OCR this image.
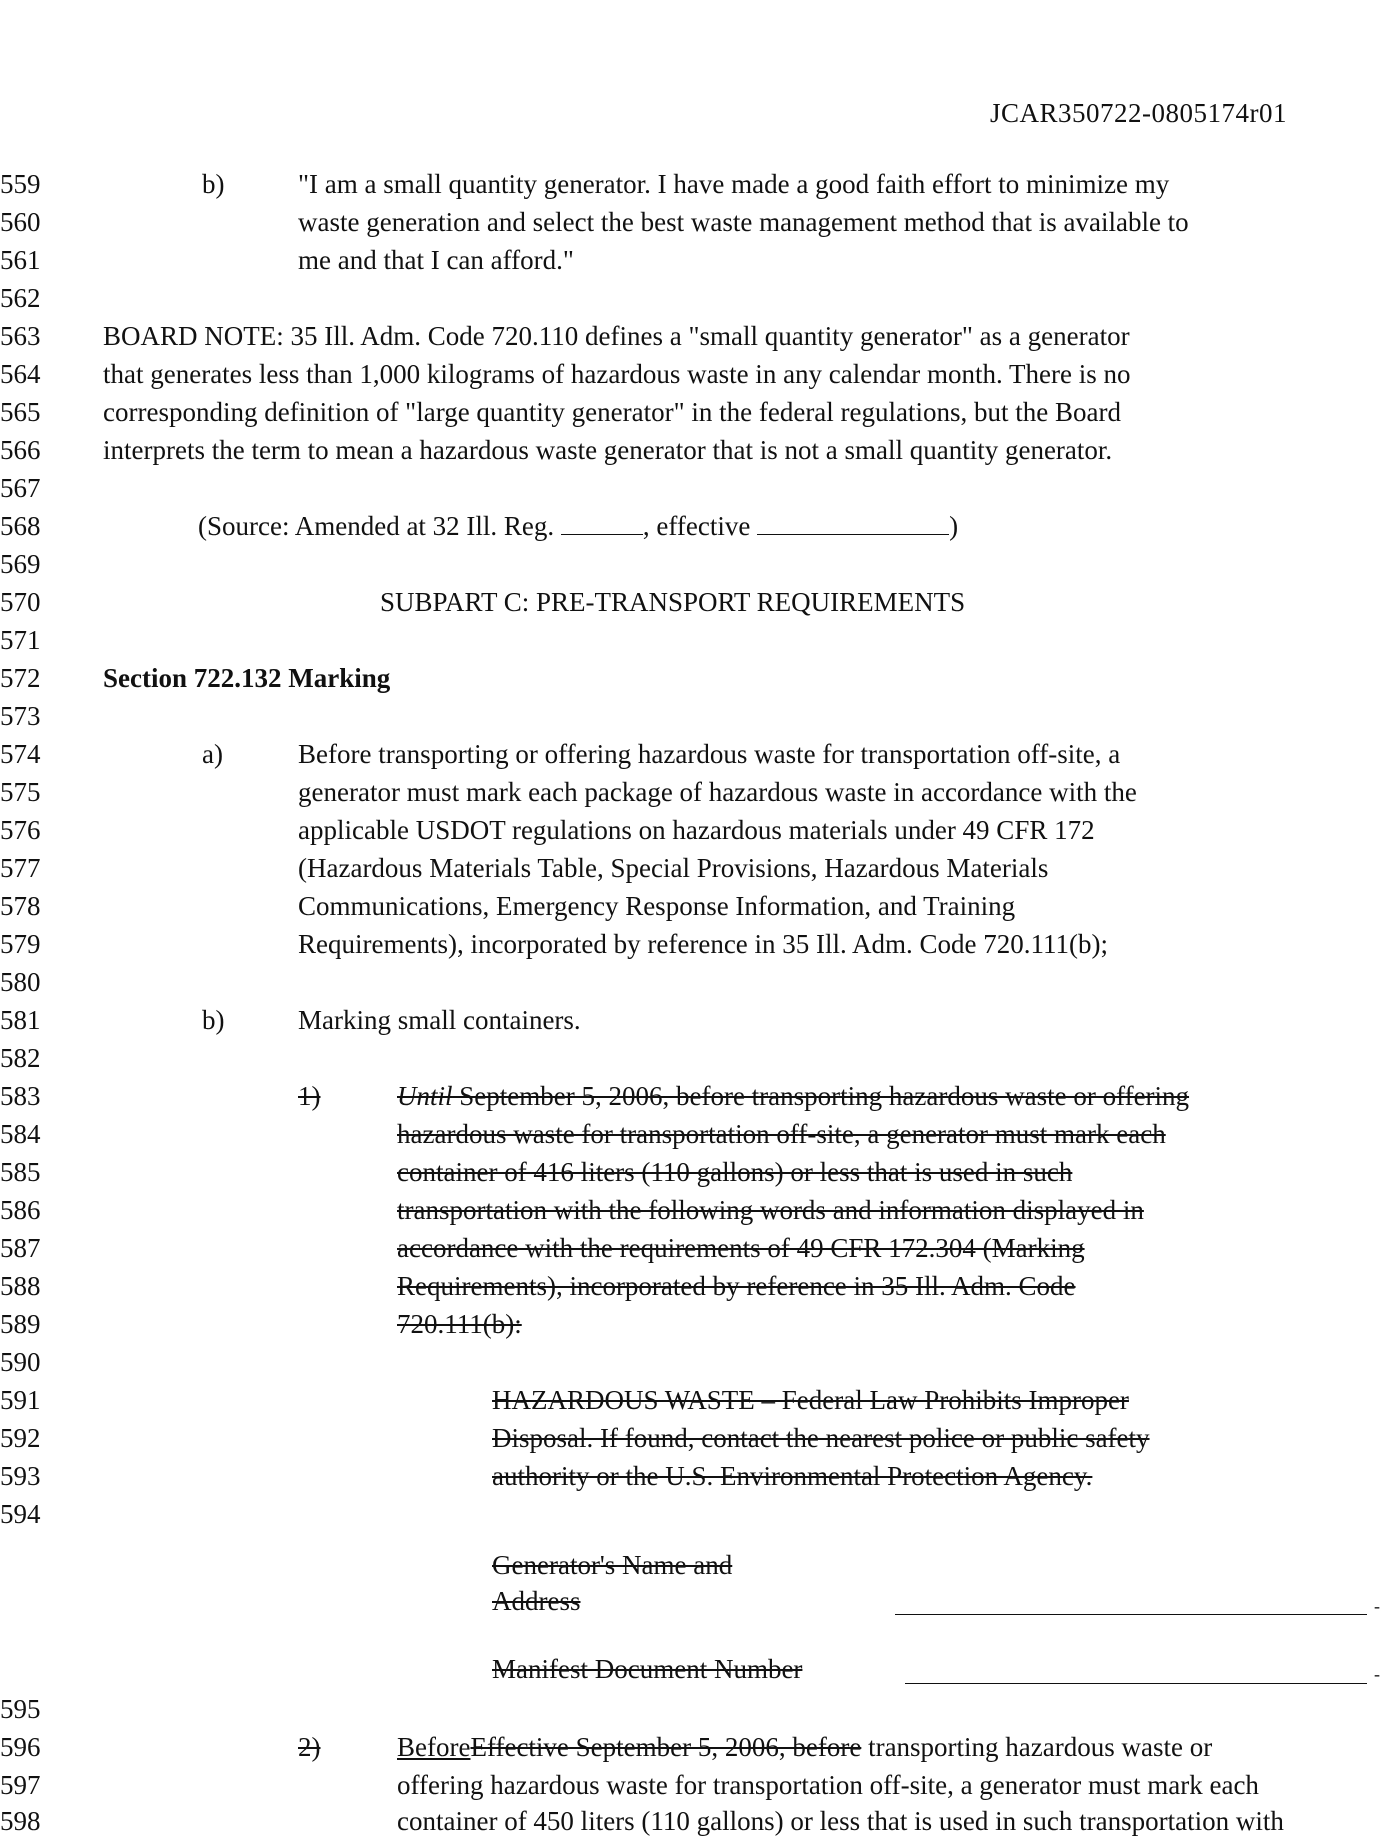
JCAR350722-0805174r01
559	b)	"I am a small quantity generator. I have made a good faith effort to minimize my
560	waste generation and select the best waste management method that is available to
561	me and that I can afford."
562
563	BOARD NOTE: 35 Ill. Adm. Code 720.110 defines a "small quantity generator" as a generator
564	that generates less than 1,000 kilograms of hazardous waste in any calendar month. There is no
565	corresponding definition of "large quantity generator" in the federal regulations, but the Board
566	interprets the term to mean a hazardous waste generator that is not a small quantity generator.
567
568	(Source: Amended at 32 Ill. Reg.	, effective	)
569
570	SUBPART C: PRE-TRANSPORT REQUIREMENTS
571
572	Section 722.132 Marking
573
574	a)	Before transporting or offering hazardous waste for transportation off-site, a
575	generator must mark each package of hazardous waste in accordance with the
576	applicable USDOT regulations on hazardous materials under 49 CFR 172
577	(Hazardous Materials Table, Special Provisions, Hazardous Materials
578	Communications, Emergency Response Information, and Training
579	Requirements), incorporated by reference in 35 Ill. Adm. Code 720.111(b);
580
581	b)	Marking small containers.
582
583	1)	Until September 5, 2006, before transporting hazardous waste or offering
584	hazardous waste for transportation off-site, a generator must mark each
585	container of 416 liters (110 gallons) or less that is used in such
586	transportation with the following words and information displayed in
587	accordance with the requirements of 49 CFR 172.304 (Marking
588	Requirements), incorporated by reference in 35 Ill. Adm. Code
589	720.111(b):
590
591	HAZARDOUS WASTE – Federal Law Prohibits Improper
592	Disposal. If found, contact the nearest police or public safety
593	authority or the U.S. Environmental Protection Agency.
594
Generator's Name and
Address	-
Manifest Document Number	-
595
596	2)	BeforeEffective September 5, 2006, before transporting hazardous waste or
597	offering hazardous waste for transportation off-site, a generator must mark each
598	container of 450 liters (110 gallons) or less that is used in such transportation with
